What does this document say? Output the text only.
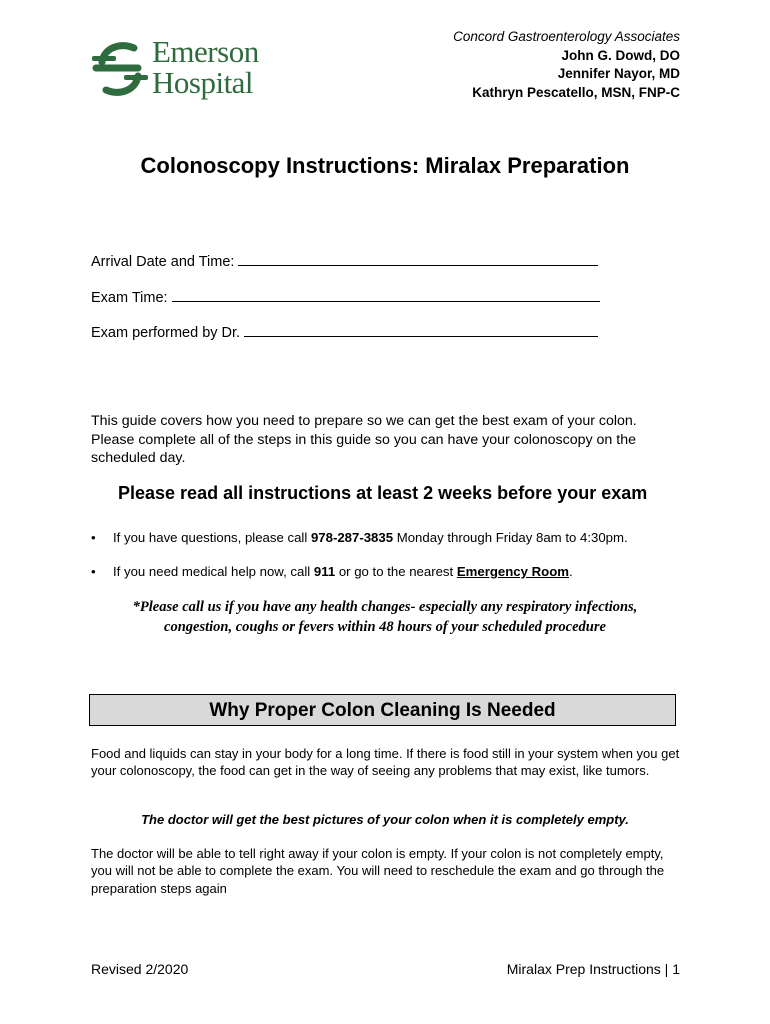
Emerson
Hospital
Concord Gastroenterology Associates
John G. Dowd, DO
Jennifer Nayor, MD
Kathryn Pescatello, MSN, FNP-C
Colonoscopy Instructions: Miralax Preparation
Arrival Date and Time:
Exam Time:
Exam performed by Dr.
This guide covers how you need to prepare so we can get the best exam of your colon. Please complete all of the steps in this guide so you can have your colonoscopy on the scheduled day.
Please read all instructions at least 2 weeks before your exam
• If you have questions, please call 978-287-3835 Monday through Friday 8am to 4:30pm.
• If you need medical help now, call 911 or go to the nearest Emergency Room.
*Please call us if you have any health changes- especially any respiratory infections,
congestion, coughs or fevers within 48 hours of your scheduled procedure
Why Proper Colon Cleaning Is Needed
Food and liquids can stay in your body for a long time. If there is food still in your system when you get your colonoscopy, the food can get in the way of seeing any problems that may exist, like tumors.
The doctor will get the best pictures of your colon when it is completely empty.
The doctor will be able to tell right away if your colon is empty. If your colon is not completely empty, you will not be able to complete the exam. You will need to reschedule the exam and go through the preparation steps again
Revised 2/2020	Miralax Prep Instructions | 1
